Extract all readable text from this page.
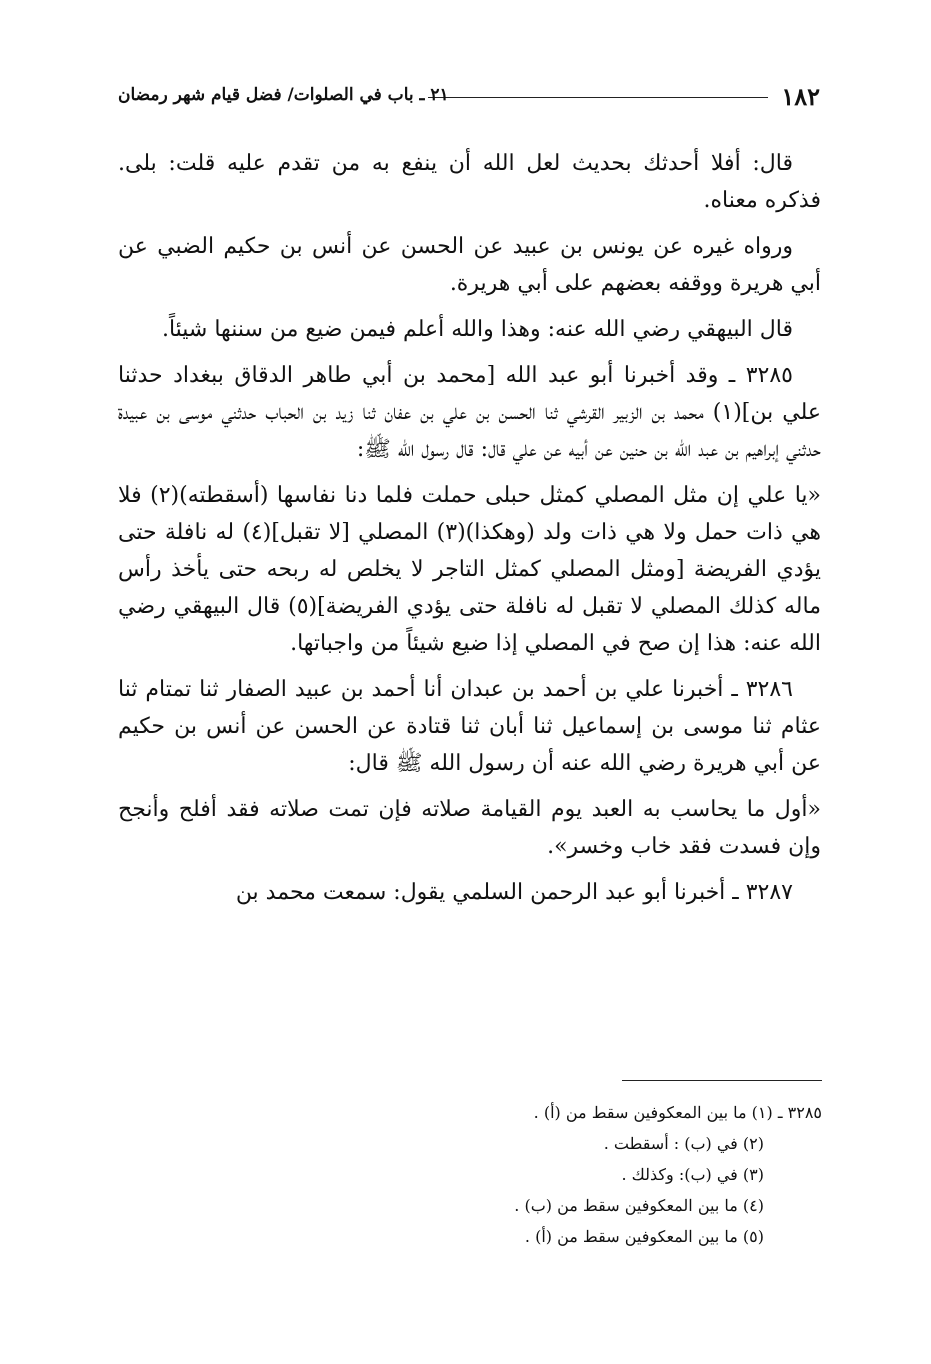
١٨٢
٢١ ـ باب في الصلوات/ فضل قيام شهر رمضان

قال: أفلا أحدثك بحديث لعل الله أن ينفع به من تقدم عليه قلت: بلى. فذكره معناه.

ورواه غيره عن يونس بن عبيد عن الحسن عن أنس بن حكيم الضبي عن أبي هريرة ووقفه بعضهم على أبي هريرة.

قال البيهقي رضي الله عنه: وهذا والله أعلم فيمن ضيع من سننها شيئاً.

٣٢٨٥ ـ وقد أخبرنا أبو عبد الله [محمد بن أبي طاهر الدقاق ببغداد حدثنا علي بن](١) محمد بن الزبير القرشي ثنا الحسن بن علي بن عفان ثنا زيد بن الحباب حدثني موسى بن عبيدة حدثني إبراهيم بن عبد الله بن حنين عن أبيه عن علي قال: قال رسول الله ﷺ:

«يا علي إن مثل المصلي كمثل حبلى حملت فلما دنا نفاسها (أسقطته)(٢) فلا هي ذات حمل ولا هي ذات ولد (وهكذا)(٣) المصلي [لا تقبل](٤) له نافلة حتى يؤدي الفريضة [ومثل المصلي كمثل التاجر لا يخلص له ربحه حتى يأخذ رأس ماله كذلك المصلي لا تقبل له نافلة حتى يؤدي الفريضة](٥) قال البيهقي رضي الله عنه: هذا إن صح في المصلي إذا ضيع شيئاً من واجباتها.

٣٢٨٦ ـ أخبرنا علي بن أحمد بن عبدان أنا أحمد بن عبيد الصفار ثنا تمتام ثنا عثام ثنا موسى بن إسماعيل ثنا أبان ثنا قتادة عن الحسن عن أنس بن حكيم عن أبي هريرة رضي الله عنه أن رسول الله ﷺ قال:

«أول ما يحاسب به العبد يوم القيامة صلاته فإن تمت صلاته فقد أفلح وأنجح وإن فسدت فقد خاب وخسر».

٣٢٨٧ ـ أخبرنا أبو عبد الرحمن السلمي يقول: سمعت محمد بن

٣٢٨٥ ـ (١) ما بين المعكوفين سقط من (أ) .
(٢) في (ب) : أسقطت .
(٣) في (ب): وكذلك .
(٤) ما بين المعكوفين سقط من (ب) .
(٥) ما بين المعكوفين سقط من (أ) .
